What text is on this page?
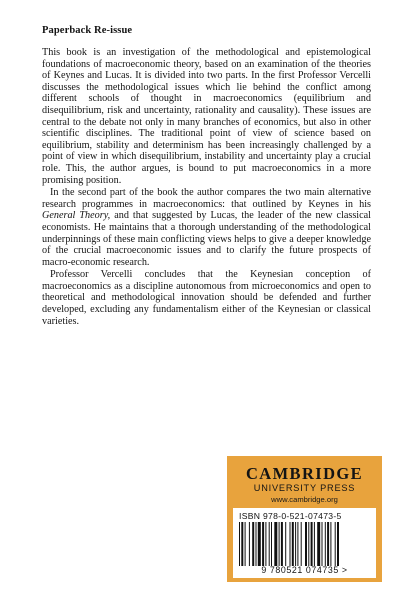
Paperback Re-issue

This book is an investigation of the methodological and epistemological foundations of macroeconomic theory, based on an examination of the theories of Keynes and Lucas. It is divided into two parts. In the first Professor Vercelli discusses the methodological issues which lie behind the conflict among different schools of thought in macroeconomics (equilibrium and disequilibrium, risk and uncertainty, rationality and causality). These issues are central to the debate not only in many branches of economics, but also in other scientific disciplines. The traditional point of view of science based on equilibrium, stability and determinism has been increasingly challenged by a point of view in which disequilibrium, instability and uncertainty play a crucial role. This, the author argues, is bound to put macroeconomics in a more promising position.

In the second part of the book the author compares the two main alternative research programmes in macroeconomics: that outlined by Keynes in his General Theory, and that suggested by Lucas, the leader of the new classical economists. He maintains that a thorough understanding of the methodological underpinnings of these main conflicting views helps to give a deeper knowledge of the crucial macroeconomic issues and to clarify the future prospects of macro-economic research.

Professor Vercelli concludes that the Keynesian conception of macroeconomics as a discipline autonomous from microeconomics and open to theoretical and methodological innovation should be defended and further developed, excluding any fundamentalism either of the Keynesian or classical varieties.

CAMBRIDGE
UNIVERSITY PRESS
www.cambridge.org
ISBN 978-0-521-07473-5
9 780521 074735 >
